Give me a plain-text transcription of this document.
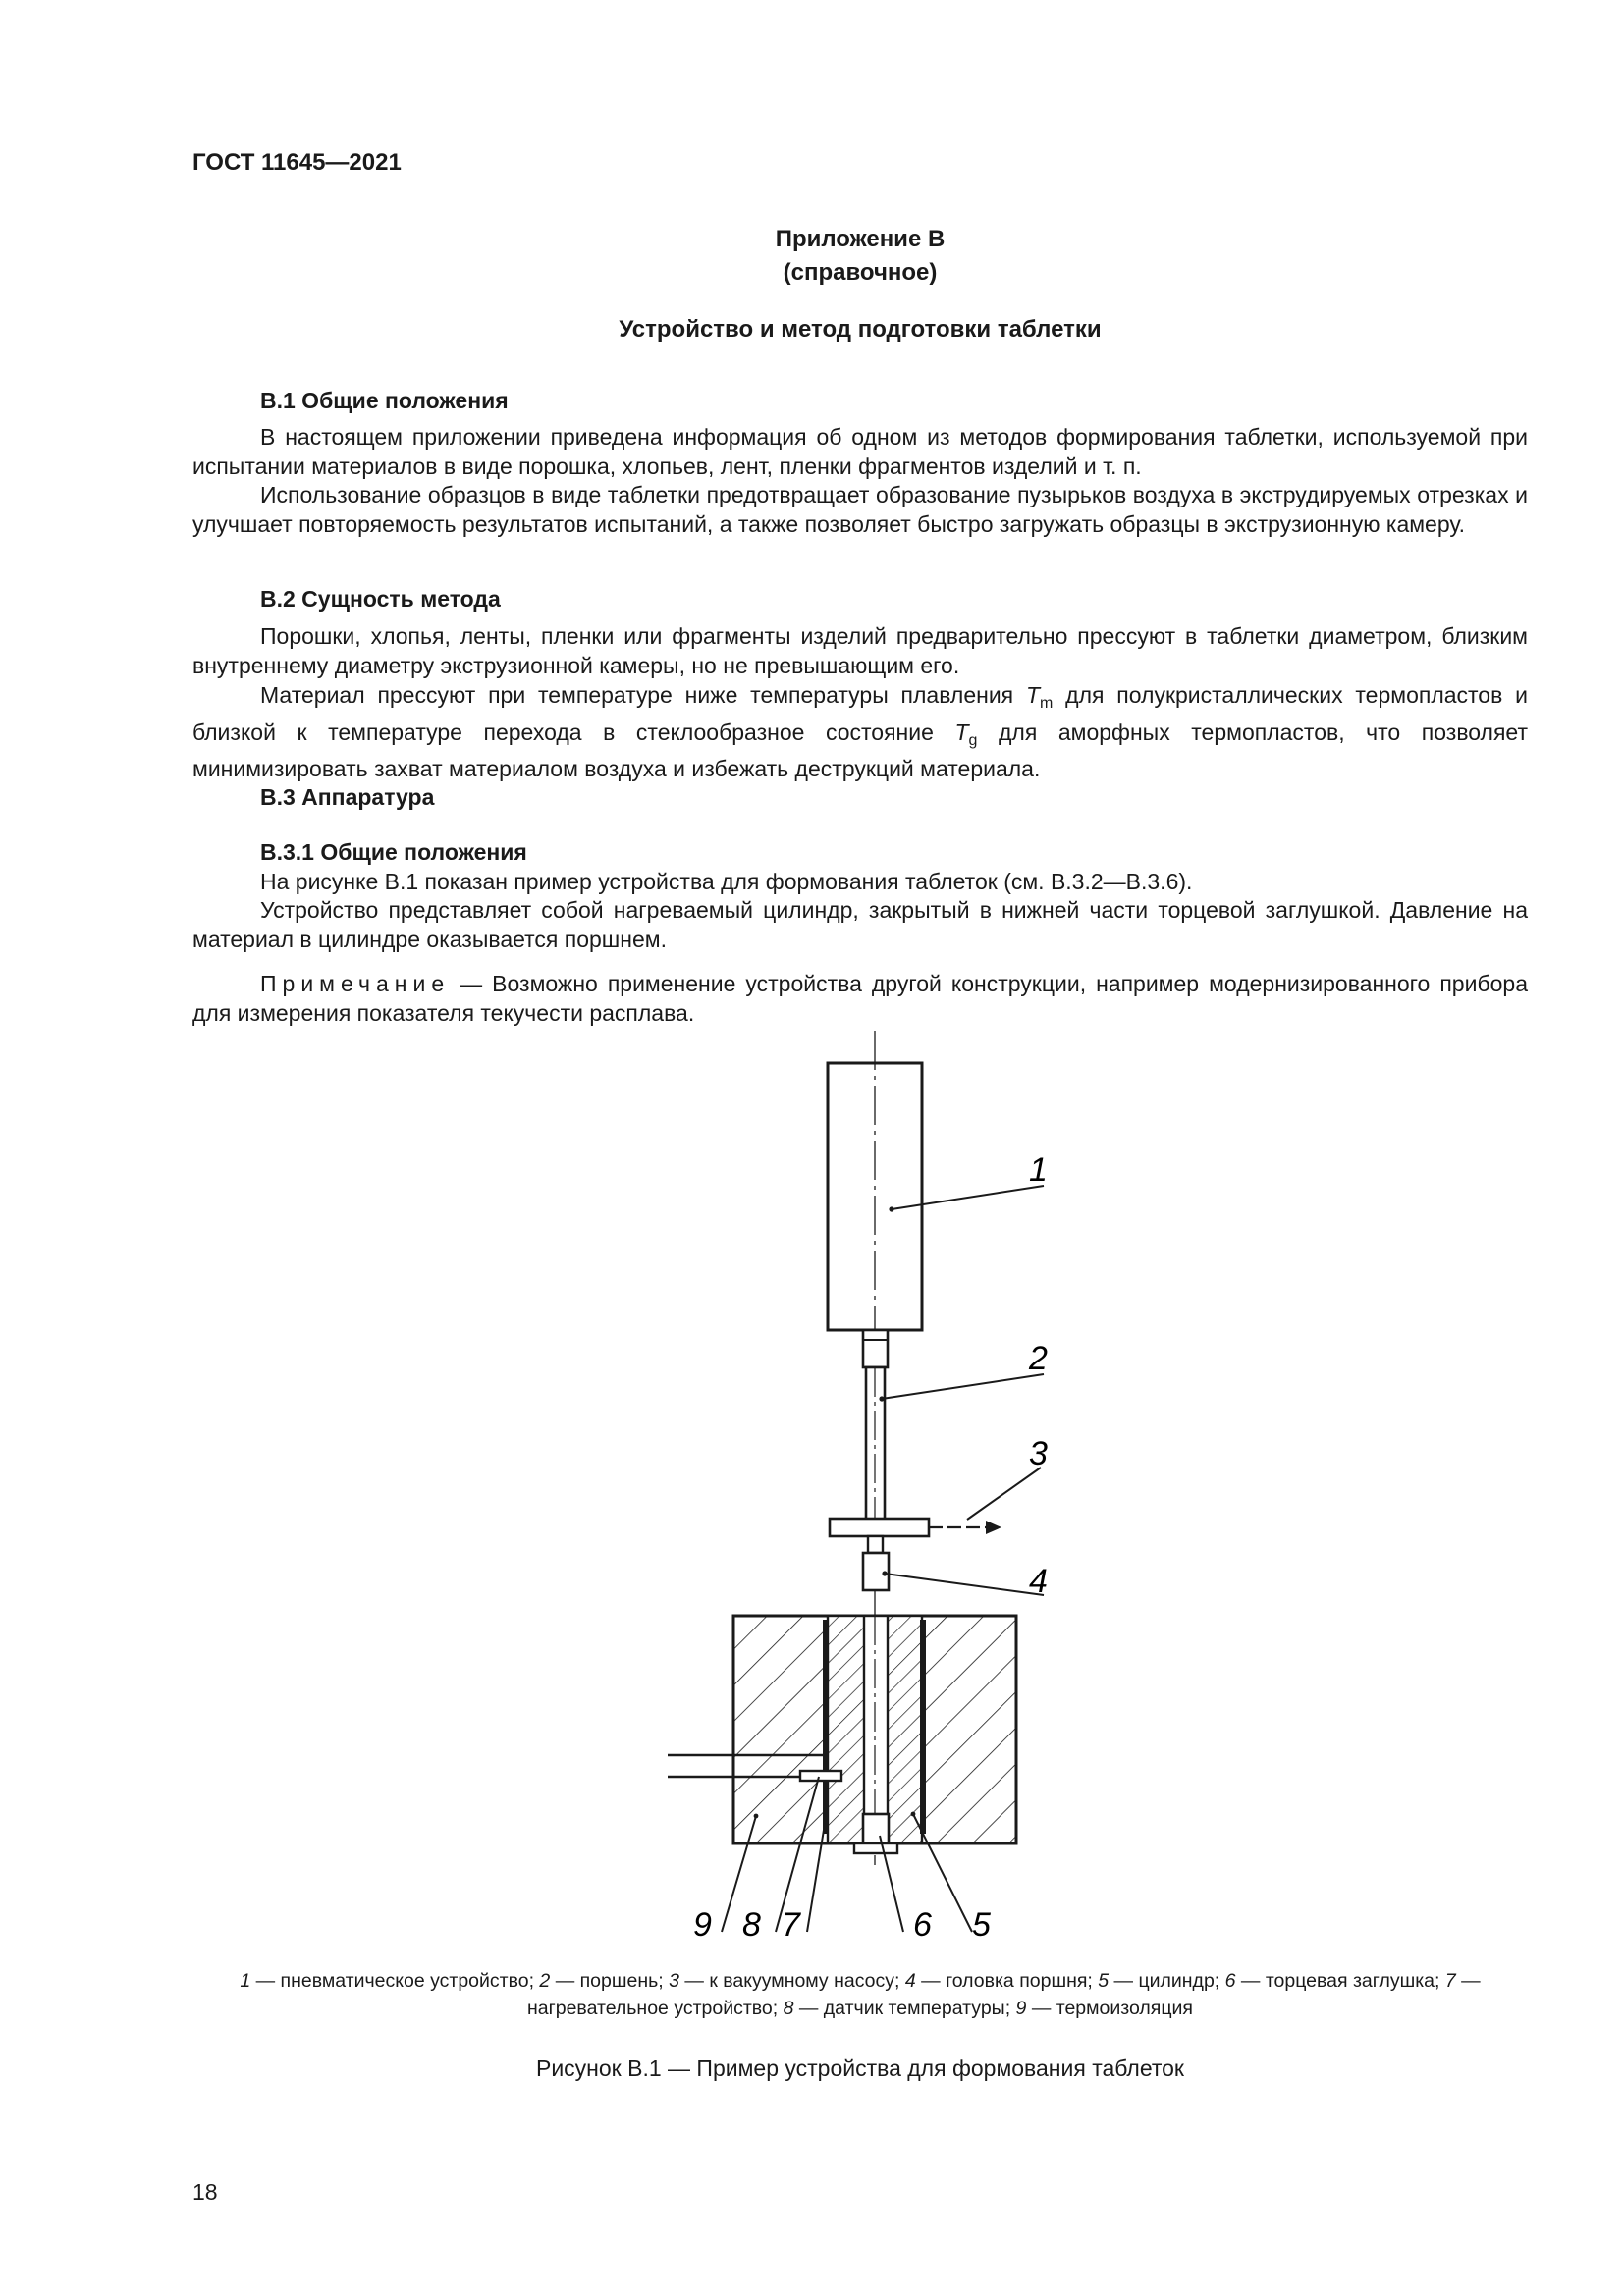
ГОСТ 11645—2021
Приложение В
(справочное)
Устройство и метод подготовки таблетки
В.1 Общие положения
В настоящем приложении приведена информация об одном из методов формирования таблетки, используемой при испытании материалов в виде порошка, хлопьев, лент, пленки фрагментов изделий и т. п.
Использование образцов в виде таблетки предотвращает образование пузырьков воздуха в экструдируемых отрезках и улучшает повторяемость результатов испытаний, а также позволяет быстро загружать образцы в экструзионную камеру.
В.2 Сущность метода
Порошки, хлопья, ленты, пленки или фрагменты изделий предварительно прессуют в таблетки диаметром, близким внутреннему диаметру экструзионной камеры, но не превышающим его.
Материал прессуют при температуре ниже температуры плавления $T_m$ для полукристаллических термопластов и близкой к температуре перехода в стеклообразное состояние $T_g$ для аморфных термопластов, что позволяет минимизировать захват материалом воздуха и избежать деструкций материала.
В.3 Аппаратура
В.3.1 Общие положения
На рисунке В.1 показан пример устройства для формования таблеток (см. В.3.2—В.3.6).
Устройство представляет собой нагреваемый цилиндр, закрытый в нижней части торцевой заглушкой. Давление на материал в цилиндре оказывается поршнем.
Примечание — Возможно применение устройства другой конструкции, например модернизированного прибора для измерения показателя текучести расплава.
1
2
3
4
9 8 7	6 5
1 — пневматическое устройство; 2 — поршень; 3 — к вакуумному насосу; 4 — головка поршня; 5 — цилиндр; 6 — торцевая заглушка; 7 — нагревательное устройство; 8 — датчик температуры; 9 — термоизоляция
Рисунок В.1 — Пример устройства для формования таблеток
18
